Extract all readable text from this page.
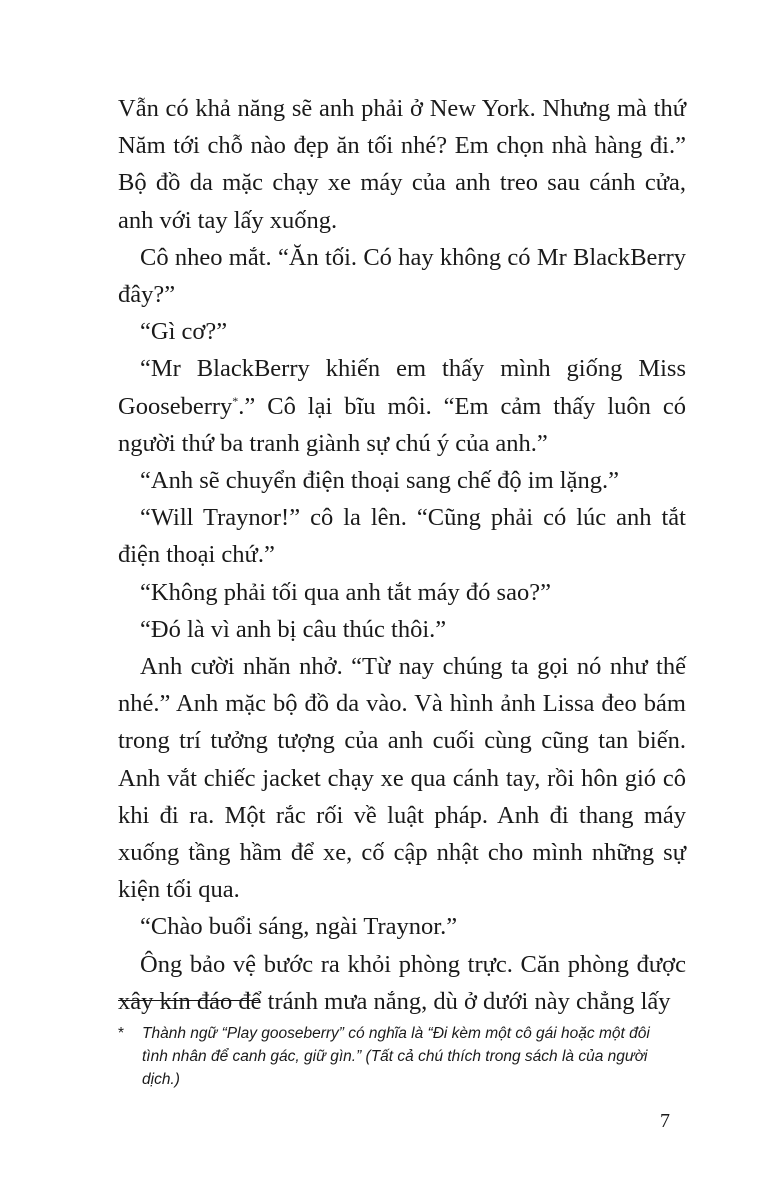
Vẫn có khả năng sẽ anh phải ở New York. Nhưng mà thứ Năm tới chỗ nào đẹp ăn tối nhé? Em chọn nhà hàng đi.” Bộ đồ da mặc chạy xe máy của anh treo sau cánh cửa, anh với tay lấy xuống.

Cô nheo mắt. “Ăn tối. Có hay không có Mr BlackBerry đây?”

“Gì cơ?”

“Mr BlackBerry khiến em thấy mình giống Miss Gooseberry*.” Cô lại bĩu môi. “Em cảm thấy luôn có người thứ ba tranh giành sự chú ý của anh.”

“Anh sẽ chuyển điện thoại sang chế độ im lặng.”

“Will Traynor!” cô la lên. “Cũng phải có lúc anh tắt điện thoại chứ.”

“Không phải tối qua anh tắt máy đó sao?”

“Đó là vì anh bị câu thúc thôi.”

Anh cười nhăn nhở. “Từ nay chúng ta gọi nó như thế nhé.” Anh mặc bộ đồ da vào. Và hình ảnh Lissa đeo bám trong trí tưởng tượng của anh cuối cùng cũng tan biến. Anh vắt chiếc jacket chạy xe qua cánh tay, rồi hôn gió cô khi đi ra. Một rắc rối về luật pháp. Anh đi thang máy xuống tầng hầm để xe, cố cập nhật cho mình những sự kiện tối qua.

“Chào buổi sáng, ngài Traynor.”

Ông bảo vệ bước ra khỏi phòng trực. Căn phòng được xây kín đáo để tránh mưa nắng, dù ở dưới này chẳng lấy

* Thành ngữ “Play gooseberry” có nghĩa là “Đi kèm một cô gái hoặc một đôi tình nhân để canh gác, giữ gìn.” (Tất cả chú thích trong sách là của người dịch.)
7
